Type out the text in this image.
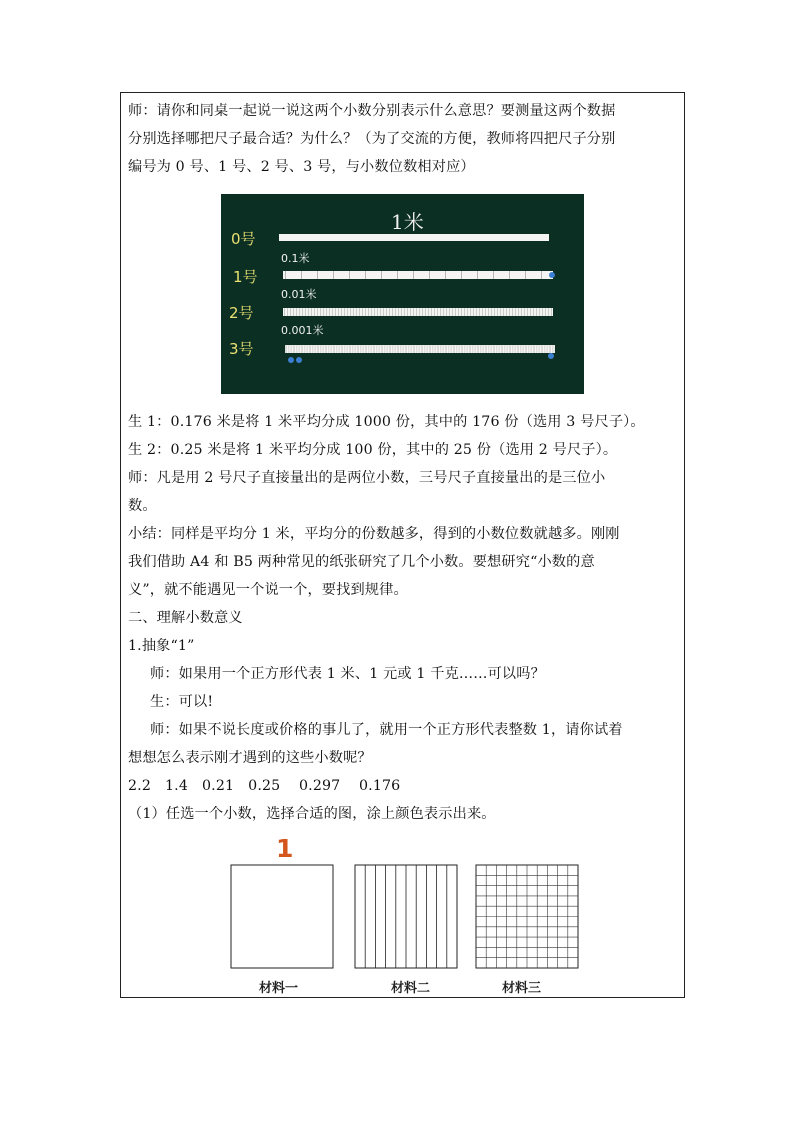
师：请你和同桌一起说一说这两个小数分别表示什么意思？要测量这两个数据
分别选择哪把尺子最合适？为什么？（为了交流的方便，教师将四把尺子分别
编号为 0 号、1 号、2 号、3 号，与小数位数相对应）
1米
0号
1号
2号
3号
0.1米
0.01米
0.001米
生 1：0.176 米是将 1 米平均分成 1000 份，其中的 176 份（选用 3 号尺子）。
生 2：0.25 米是将 1 米平均分成 100 份，其中的 25 份（选用 2 号尺子）。
师：凡是用 2 号尺子直接量出的是两位小数，三号尺子直接量出的是三位小
数。
小结：同样是平均分 1 米，平均分的份数越多，得到的小数位数就越多。刚刚
我们借助 A4 和 B5 两种常见的纸张研究了几个小数。要想研究“小数的意
义”，就不能遇见一个说一个，要找到规律。
二、理解小数意义
1.抽象“1”
师：如果用一个正方形代表 1 米、1 元或 1 千克……可以吗？
生：可以!
师：如果不说长度或价格的事儿了，就用一个正方形代表整数 1，请你试着
想想怎么表示刚才遇到的这些小数呢？
2.2   1.4   0.21   0.25    0.297    0.176
（1）任选一个小数，选择合适的图，涂上颜色表示出来。
1
材料一	材料二	材料三
